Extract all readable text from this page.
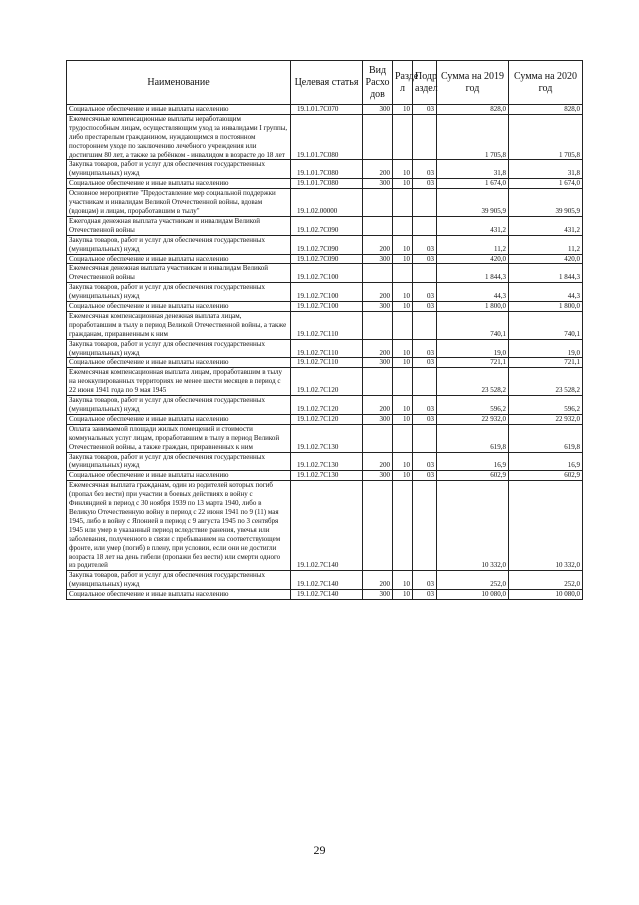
Наименование	Целевая статья	Вид Расхо дов	Разде л	Подр аздел	Сумма на 2019 год	Сумма на 2020 год
Социальное обеспечение и иные выплаты населению	19.1.01.7С070	300	10	03	828,0	828,0
Ежемесячные компенсационные выплаты неработающим трудоспособным лицам, осуществляющим уход за инвалидами I группы, либо престарелым гражданином, нуждающимся в постоянном постороннем уходе по заключению лечебного учреждения или достигшим 80 лет, а также за ребёнком - инвалидом в возрасте до 18 лет	19.1.01.7С080				1 705,8	1 705,8
Закупка товаров, работ и услуг для обеспечения государственных (муниципальных) нужд	19.1.01.7С080	200	10	03	31,8	31,8
Социальное обеспечение и иные выплаты населению	19.1.01.7С080	300	10	03	1 674,0	1 674,0
Основное мероприятие "Предоставление мер социальной поддержки участникам и инвалидам Великой Отечественной войны, вдовам (вдовцам) и лицам, проработавшим в тылу"	19.1.02.00000				39 905,9	39 905,9
Ежегодная денежная выплата участникам и инвалидам Великой Отечественной войны	19.1.02.7С090				431,2	431,2
Закупка товаров, работ и услуг для обеспечения государственных (муниципальных) нужд	19.1.02.7С090	200	10	03	11,2	11,2
Социальное обеспечение и иные выплаты населению	19.1.02.7С090	300	10	03	420,0	420,0
Ежемесячная денежная выплата участникам и инвалидам Великой Отечественной войны	19.1.02.7С100				1 844,3	1 844,3
Закупка товаров, работ и услуг для обеспечения государственных (муниципальных) нужд	19.1.02.7С100	200	10	03	44,3	44,3
Социальное обеспечение и иные выплаты населению	19.1.02.7С100	300	10	03	1 800,0	1 800,0
Ежемесячная компенсационная денежная выплата лицам, проработавшим в тылу в период Великой Отечественной войны, а также гражданам, приравненным к ним	19.1.02.7С110				740,1	740,1
Закупка товаров, работ и услуг для обеспечения государственных (муниципальных) нужд	19.1.02.7С110	200	10	03	19,0	19,0
Социальное обеспечение и иные выплаты населению	19.1.02.7С110	300	10	03	721,1	721,1
Ежемесячная компенсационная выплата лицам, проработавшим в тылу на неоккупированных территориях не менее шести месяцев в период с 22 июня 1941 года по 9 мая 1945	19.1.02.7С120				23 528,2	23 528,2
Закупка товаров, работ и услуг для обеспечения государственных (муниципальных) нужд	19.1.02.7С120	200	10	03	596,2	596,2
Социальное обеспечение и иные выплаты населению	19.1.02.7С120	300	10	03	22 932,0	22 932,0
Оплата занимаемой площади жилых помещений и стоимости коммунальных услуг лицам, проработавшим в тылу в период Великой Отечественной войны, а также граждан, приравненных к ним	19.1.02.7С130				619,8	619,8
Закупка товаров, работ и услуг для обеспечения государственных (муниципальных) нужд	19.1.02.7С130	200	10	03	16,9	16,9
Социальное обеспечение и иные выплаты населению	19.1.02.7С130	300	10	03	602,9	602,9
Ежемесячная выплата гражданам, один из родителей которых погиб (пропал без вести) при участии в боевых действиях в войну с Финляндией в период с 30 ноября 1939 по 13 марта 1940, либо в Великую Отечественную войну в период с 22 июня 1941 по 9 (11) мая 1945, либо в войну с Японией в период с 9 августа 1945 по 3 сентября 1945 или умер в указанный период вследствие ранения, увечья или заболевания, полученного в связи с пребыванием на соответствующем фронте, или умер (погиб) в плену, при условии, если они не достигли возраста 18 лет на день гибели (пропажи без вести) или смерти одного из родителей	19.1.02.7С140				10 332,0	10 332,0
Закупка товаров, работ и услуг для обеспечения государственных (муниципальных) нужд	19.1.02.7С140	200	10	03	252,0	252,0
Социальное обеспечение и иные выплаты населению	19.1.02.7С140	300	10	03	10 080,0	10 080,0
29
